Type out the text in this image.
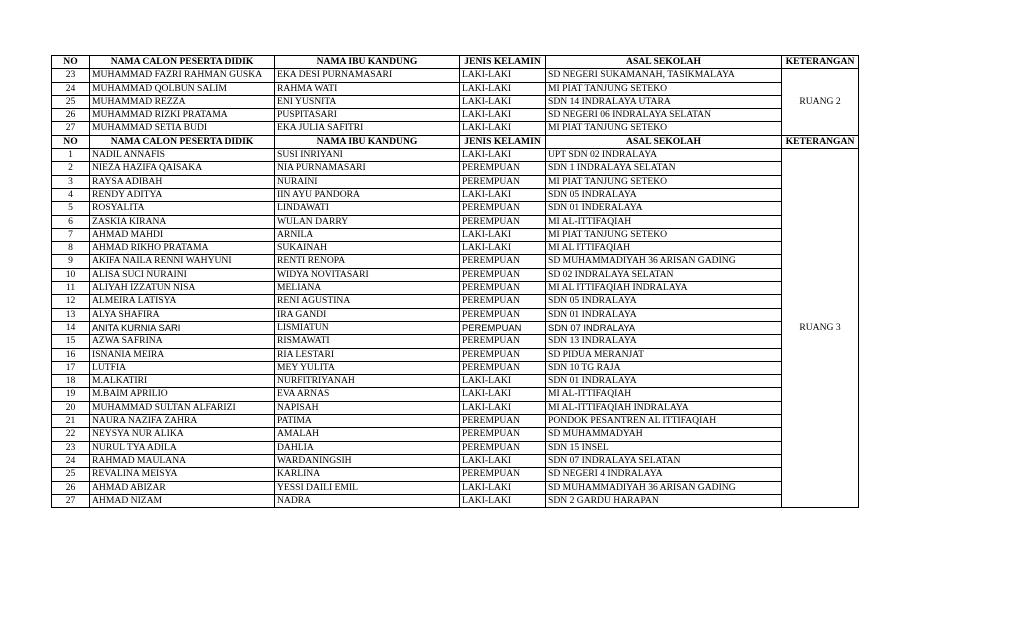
NO	NAMA CALON PESERTA DIDIK	NAMA IBU KANDUNG	JENIS KELAMIN	ASAL SEKOLAH	KETERANGAN
23	MUHAMMAD FAZRI RAHMAN GUSKA	EKA DESI PURNAMASARI	LAKI-LAKI	SD NEGERI SUKAMANAH, TASIKMALAYA	RUANG 2
24	MUHAMMAD QOLBUN SALIM	RAHMA WATI	LAKI-LAKI	MI PIAT TANJUNG SETEKO	
25	MUHAMMAD REZZA	ENI YUSNITA	LAKI-LAKI	SDN 14 INDRALAYA UTARA	
26	MUHAMMAD RIZKI PRATAMA	PUSPITASARI	LAKI-LAKI	SD NEGERI 06 INDRALAYA SELATAN	
27	MUHAMMAD SETIA BUDI	EKA JULIA SAFITRI	LAKI-LAKI	MI PIAT TANJUNG SETEKO	
NO	NAMA CALON PESERTA DIDIK	NAMA IBU KANDUNG	JENIS KELAMIN	ASAL SEKOLAH	KETERANGAN
1	NADIL ANNAFIS	SUSI INRIYANI	LAKI-LAKI	UPT SDN 02 INDRALAYA	RUANG 3
2	NIEZA HAZIFA QAISAKA	NIA PURNAMASARI	PEREMPUAN	SDN 1 INDRALAYA SELATAN	
3	RAYSA ADIBAH	NURAINI	PEREMPUAN	MI PIAT TANJUNG SETEKO	
4	RENDY ADITYA	IIN AYU PANDORA	LAKI-LAKI	SDN 05 INDRALAYA	
5	ROSYALITA	LINDAWATI	PEREMPUAN	SDN 01 INDERALAYA	
6	ZASKIA KIRANA	WULAN DARRY	PEREMPUAN	MI AL-ITTIFAQIAH	
7	AHMAD MAHDI	ARNILA	LAKI-LAKI	MI PIAT TANJUNG SETEKO	
8	AHMAD RIKHO PRATAMA	SUKAINAH	LAKI-LAKI	MI AL ITTIFAQIAH	
9	AKIFA NAILA RENNI WAHYUNI	RENTI RENOPA	PEREMPUAN	SD MUHAMMADIYAH 36 ARISAN GADING	
10	ALISA SUCI NURAINI	WIDYA NOVITASARI	PEREMPUAN	SD 02 INDRALAYA SELATAN	
11	ALIYAH IZZATUN NISA	MELIANA	PEREMPUAN	MI AL ITTIFAQIAH INDRALAYA	
12	ALMEIRA LATISYA	RENI AGUSTINA	PEREMPUAN	SDN 05 INDRALAYA	
13	ALYA SHAFIRA	IRA GANDI	PEREMPUAN	SDN 01 INDRALAYA	
14	ANITA KURNIA SARI	LISMIATUN	PEREMPUAN	SDN 07 INDRALAYA	
15	AZWA SAFRINA	RISMAWATI	PEREMPUAN	SDN 13 INDRALAYA	
16	ISNANIA MEIRA	RIA LESTARI	PEREMPUAN	SD PIDUA MERANJAT	
17	LUTFIA	MEY YULITA	PEREMPUAN	SDN 10 TG RAJA	
18	M.ALKATIRI	NURFITRIYANAH	LAKI-LAKI	SDN 01 INDRALAYA	
19	M.BAIM APRILIO	EVA ARNAS	LAKI-LAKI	MI AL-ITTIFAQIAH	
20	MUHAMMAD SULTAN ALFARIZI	NAPISAH	LAKI-LAKI	MI AL-ITTIFAQIAH INDRALAYA	
21	NAURA NAZIFA ZAHRA	PATIMA	PEREMPUAN	PONDOK PESANTREN AL ITTIFAQIAH	
22	NEYSYA NUR ALIKA	AMALAH	PEREMPUAN	SD MUHAMMADYAH	
23	NURUL TYA ADILA	DAHLIA	PEREMPUAN	SDN 15 INSEL	
24	RAHMAD MAULANA	WARDANINGSIH	LAKI-LAKI	SDN 07 INDRALAYA SELATAN	
25	REVALINA MEISYA	KARLINA	PEREMPUAN	SD NEGERI 4 INDRALAYA	
26	AHMAD ABIZAR	YESSI DAILI EMIL	LAKI-LAKI	SD MUHAMMADIYAH 36 ARISAN GADING	
27	AHMAD NIZAM	NADRA	LAKI-LAKI	SDN 2 GARDU HARAPAN	
